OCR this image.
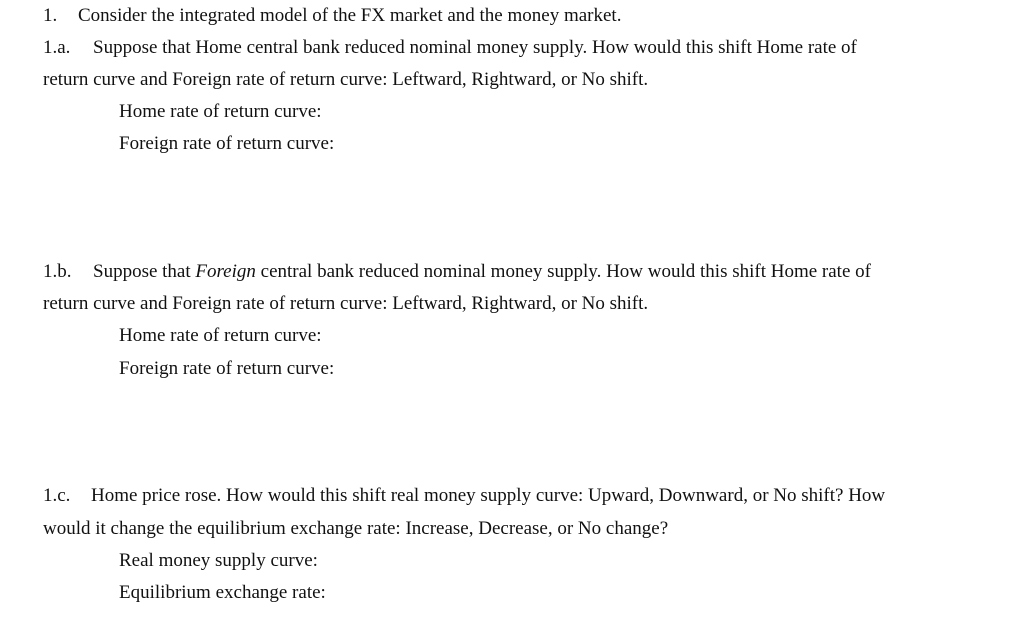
1. Consider the integrated model of the FX market and the money market.
1.a. Suppose that Home central bank reduced nominal money supply. How would this shift Home rate of
return curve and Foreign rate of return curve: Leftward, Rightward, or No shift.
Home rate of return curve:
Foreign rate of return curve:
1.b. Suppose that Foreign central bank reduced nominal money supply. How would this shift Home rate of
return curve and Foreign rate of return curve: Leftward, Rightward, or No shift.
Home rate of return curve:
Foreign rate of return curve:
1.c. Home price rose. How would this shift real money supply curve: Upward, Downward, or No shift? How
would it change the equilibrium exchange rate: Increase, Decrease, or No change?
Real money supply curve:
Equilibrium exchange rate:
